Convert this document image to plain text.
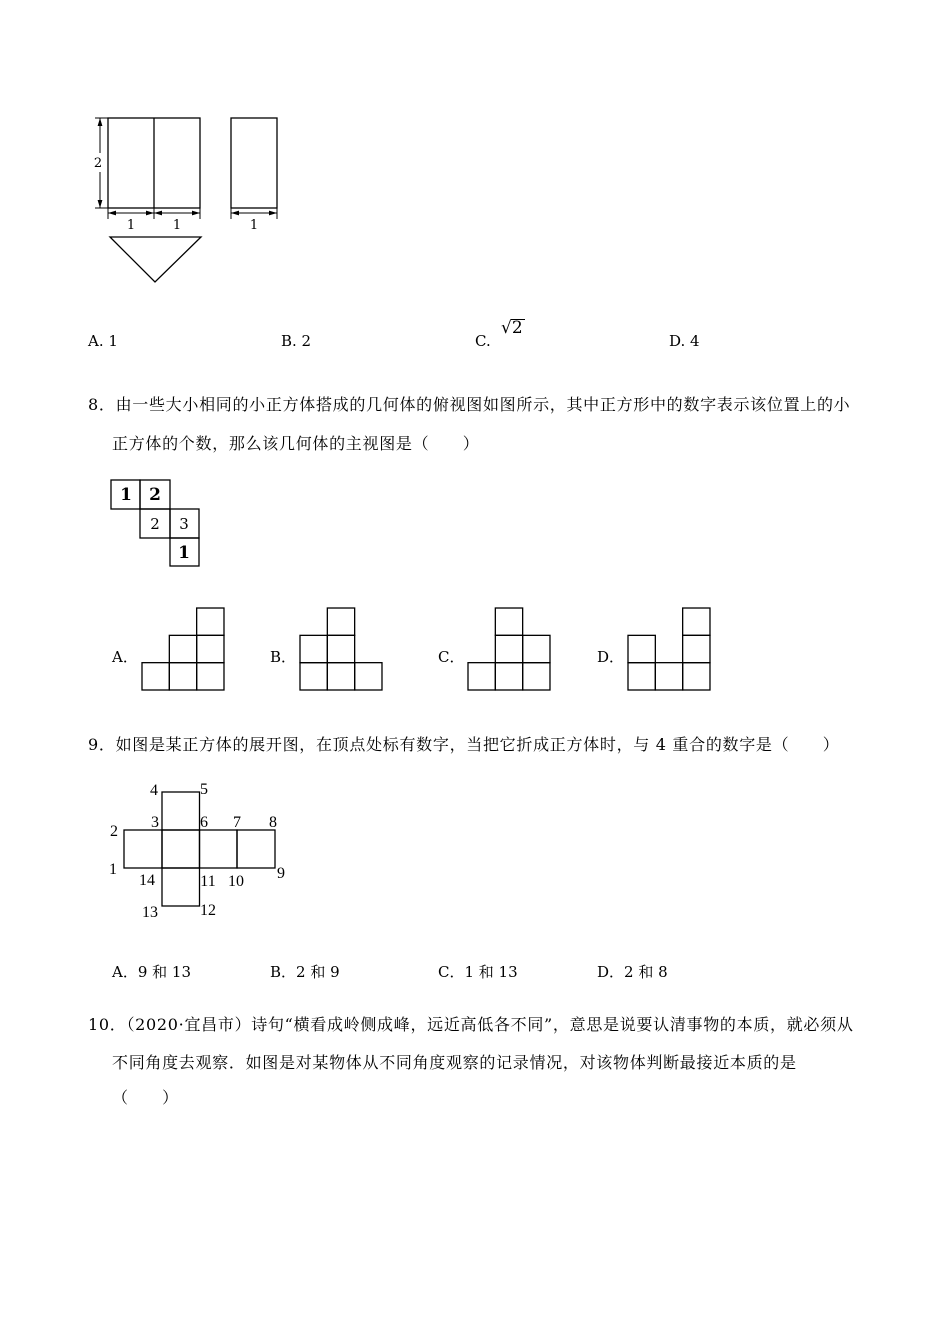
2
1	1	1
A. 1	B. 2	C.
√2
D. 4
8．由一些大小相同的小正方体搭成的几何体的俯视图如图所示，其中正方形中的数字表示该位置上的小
正方体的个数，那么该几何体的主视图是（　　）
1 2
2 3
1
A．	B．	C．	D．
9．如图是某正方体的展开图，在顶点处标有数字，当把它折成正方体时，与 4 重合的数字是（　　）
4	5
3	6 7 8
2
1
14	11 10 9
13	12
A．9 和 13	B．2 和 9	C．1 和 13	D．2 和 8
10．（2020·宜昌市）诗句“横看成岭侧成峰，远近高低各不同”，意思是说要认清事物的本质，就必须从
不同角度去观察．如图是对某物体从不同角度观察的记录情况，对该物体判断最接近本质的是
（　　）
